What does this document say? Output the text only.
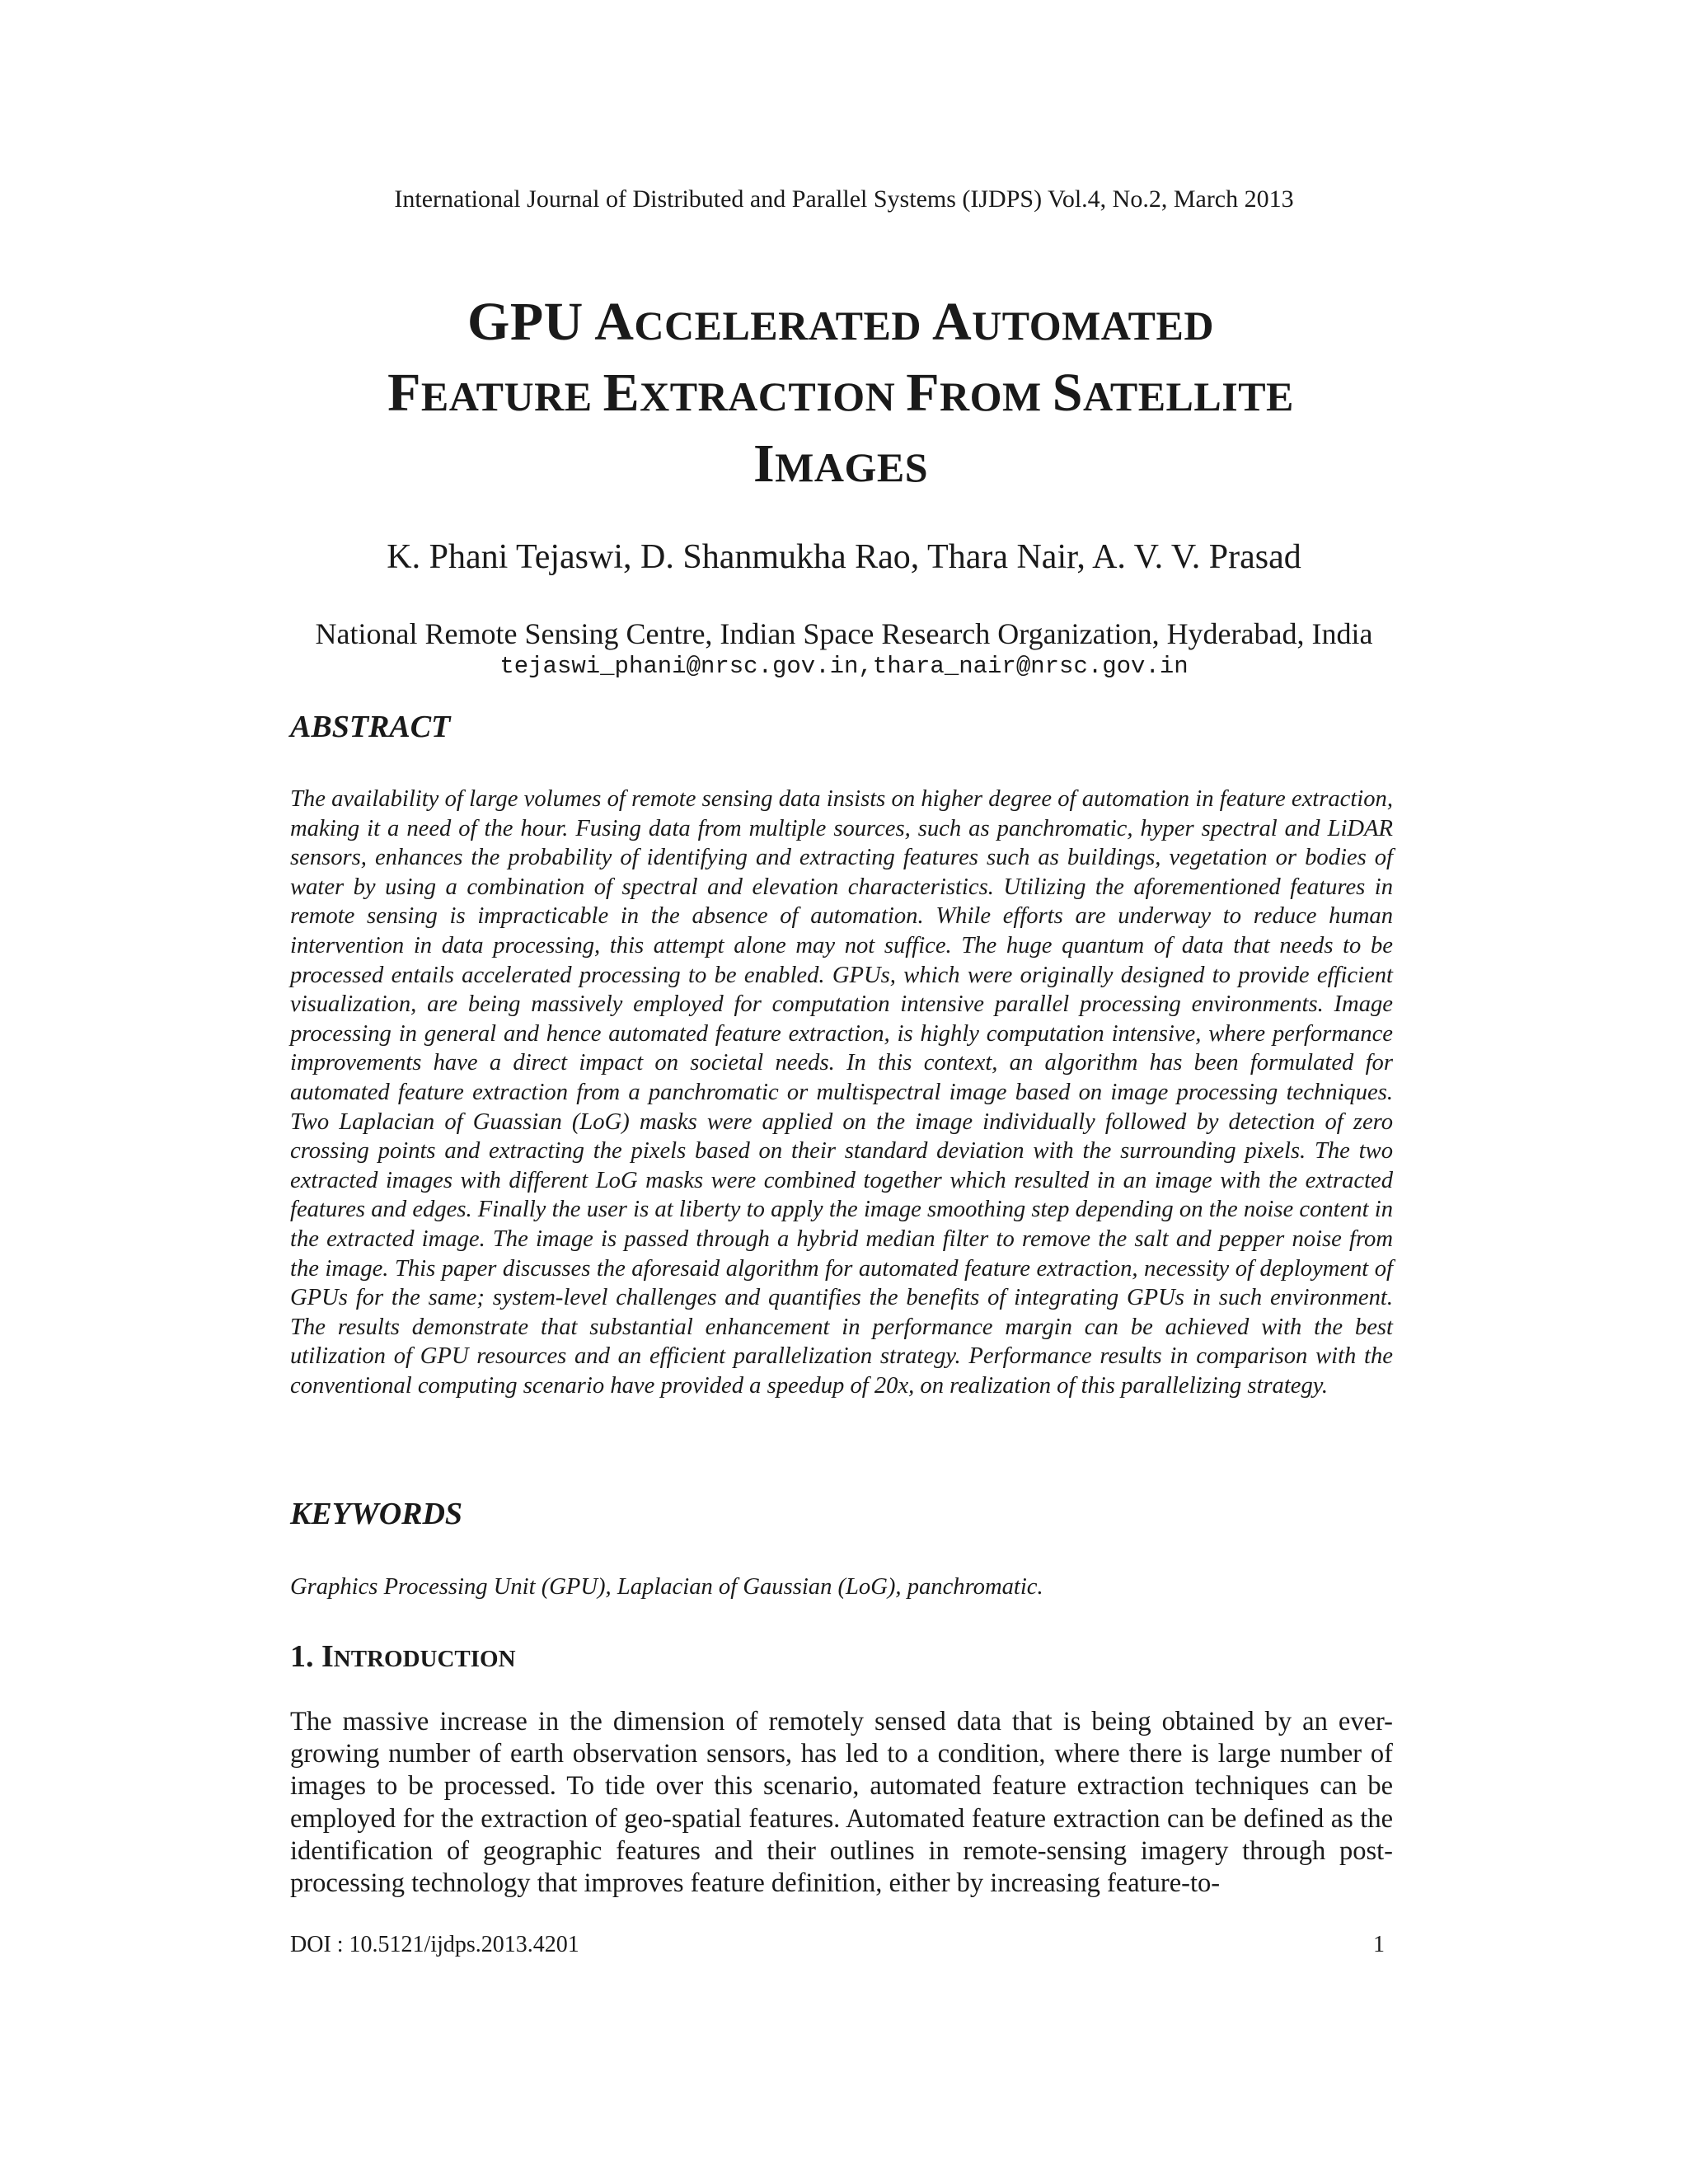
International Journal of Distributed and Parallel Systems (IJDPS) Vol.4, No.2, March 2013
GPU ACCELERATED AUTOMATED
FEATURE EXTRACTION FROM SATELLITE
IMAGES
K. Phani Tejaswi, D. Shanmukha Rao, Thara Nair, A. V. V. Prasad
National Remote Sensing Centre, Indian Space Research Organization, Hyderabad, India
tejaswi_phani@nrsc.gov.in,thara_nair@nrsc.gov.in
ABSTRACT
The availability of large volumes of remote sensing data insists on higher degree of automation in feature extraction, making it a need of the hour. Fusing data from multiple sources, such as panchromatic, hyper spectral and LiDAR sensors, enhances the probability of identifying and extracting features such as buildings, vegetation or bodies of water by using a combination of spectral and elevation characteristics. Utilizing the aforementioned features in remote sensing is impracticable in the absence of automation. While efforts are underway to reduce human intervention in data processing, this attempt alone may not suffice. The huge quantum of data that needs to be processed entails accelerated processing to be enabled. GPUs, which were originally designed to provide efficient visualization, are being massively employed for computation intensive parallel processing environments. Image processing in general and hence automated feature extraction, is highly computation intensive, where performance improvements have a direct impact on societal needs. In this context, an algorithm has been formulated for automated feature extraction from a panchromatic or multispectral image based on image processing techniques. Two Laplacian of Guassian (LoG) masks were applied on the image individually followed by detection of zero crossing points and extracting the pixels based on their standard deviation with the surrounding pixels. The two extracted images with different LoG masks were combined together which resulted in an image with the extracted features and edges. Finally the user is at liberty to apply the image smoothing step depending on the noise content in the extracted image. The image is passed through a hybrid median filter to remove the salt and pepper noise from the image. This paper discusses the aforesaid algorithm for automated feature extraction, necessity of deployment of GPUs for the same; system-level challenges and quantifies the benefits of integrating GPUs in such environment. The results demonstrate that substantial enhancement in performance margin can be achieved with the best utilization of GPU resources and an efficient parallelization strategy. Performance results in comparison with the conventional computing scenario have provided a speedup of 20x, on realization of this parallelizing strategy.
KEYWORDS
Graphics Processing Unit (GPU), Laplacian of Gaussian (LoG), panchromatic.
1. INTRODUCTION
The massive increase in the dimension of remotely sensed data that is being obtained by an ever-growing number of earth observation sensors, has led to a condition, where there is large number of images to be processed. To tide over this scenario, automated feature extraction techniques can be employed for the extraction of geo-spatial features. Automated feature extraction can be defined as the identification of geographic features and their outlines in remote-sensing imagery through post-processing technology that improves feature definition, either by increasing feature-to-
DOI : 10.5121/ijdps.2013.4201	1
